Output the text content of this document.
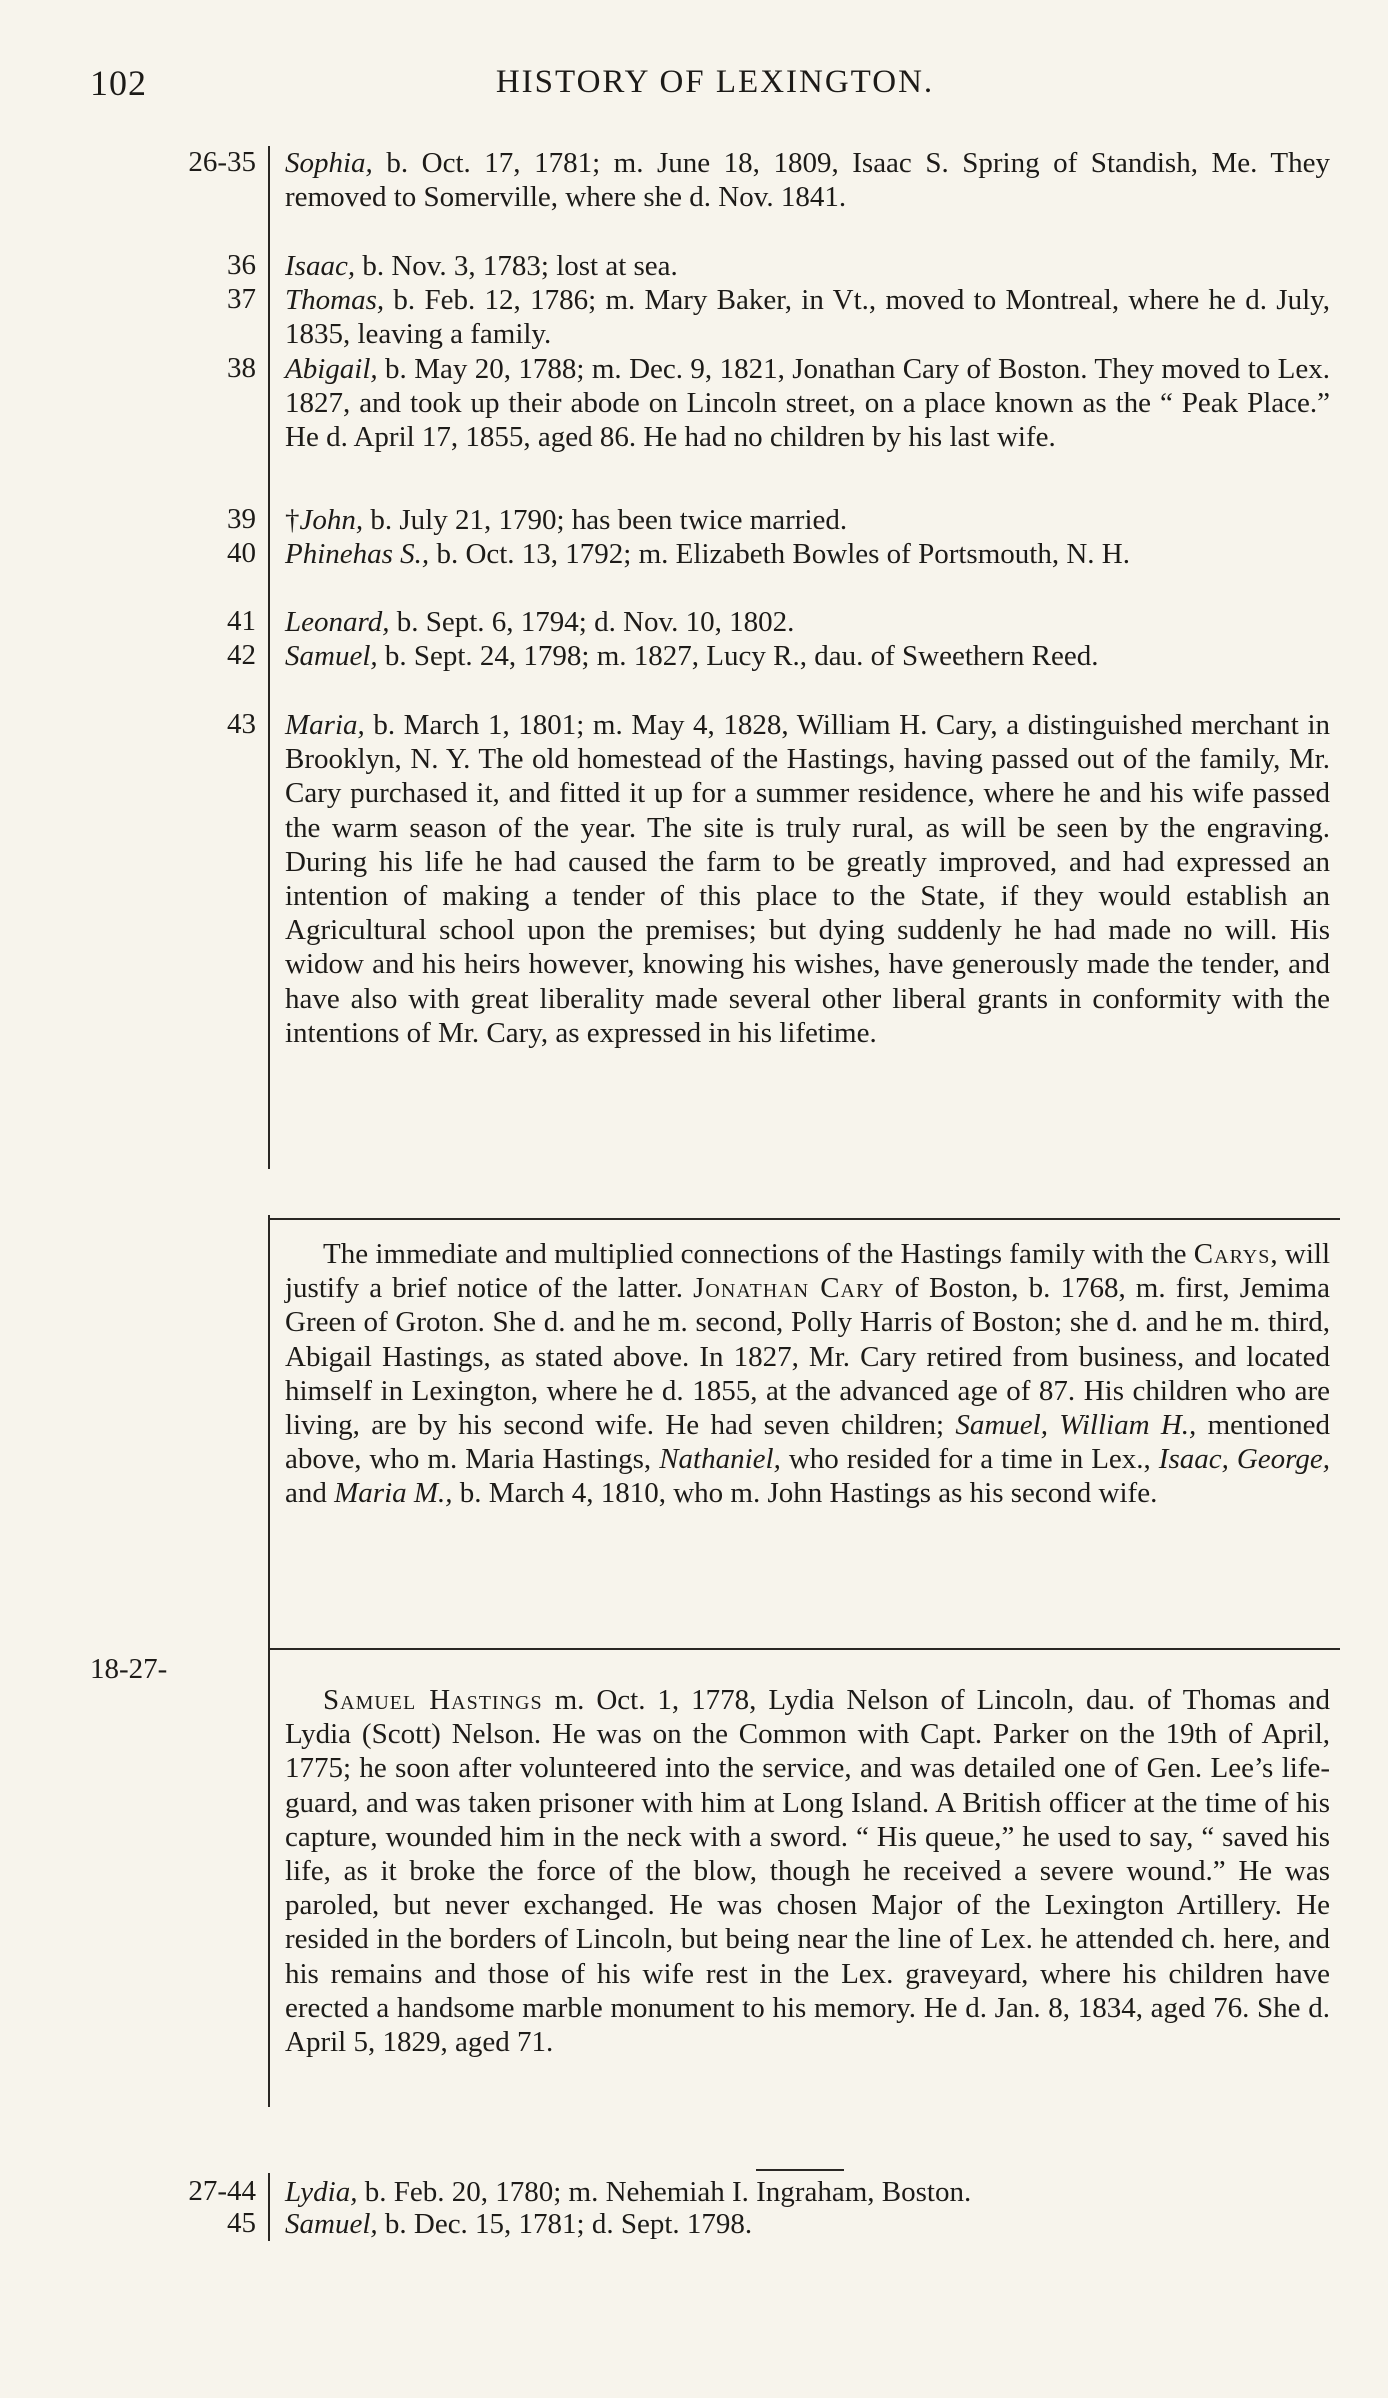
102	HISTORY OF LEXINGTON.
26-35
36
37
38
39
40
41
42
43

Sophia, b. Oct. 17, 1781; m. June 18, 1809, Isaac S. Spring of Standish, Me. They removed to Somerville, where she d. Nov. 1841.

Isaac, b. Nov. 3, 1783; lost at sea.

Thomas, b. Feb. 12, 1786; m. Mary Baker, in Vt., moved to Montreal, where he d. July, 1835, leaving a family.

Abigail, b. May 20, 1788; m. Dec. 9, 1821, Jonathan Cary of Boston. They moved to Lex. 1827, and took up their abode on Lincoln street, on a place known as the “ Peak Place.” He d. April 17, 1855, aged 86. He had no children by his last wife.

†John, b. July 21, 1790; has been twice married.

Phinehas S., b. Oct. 13, 1792; m. Elizabeth Bowles of Portsmouth, N. H.

Leonard, b. Sept. 6, 1794; d. Nov. 10, 1802.

Samuel, b. Sept. 24, 1798; m. 1827, Lucy R., dau. of Sweethern Reed.

Maria, b. March 1, 1801; m. May 4, 1828, William H. Cary, a distinguished merchant in Brooklyn, N. Y. The old homestead of the Hastings, having passed out of the family, Mr. Cary purchased it, and fitted it up for a summer residence, where he and his wife passed the warm season of the year. The site is truly rural, as will be seen by the engraving. During his life he had caused the farm to be greatly improved, and had expressed an intention of making a tender of this place to the State, if they would establish an Agricultural school upon the premises; but dying suddenly he had made no will. His widow and his heirs however, knowing his wishes, have generously made the tender, and have also with great liberality made several other liberal grants in conformity with the intentions of Mr. Cary, as expressed in his lifetime.

The immediate and multiplied connections of the Hastings family with the Carys, will justify a brief notice of the latter. Jonathan Cary of Boston, b. 1768, m. first, Jemima Green of Groton. She d. and he m. second, Polly Harris of Boston; she d. and he m. third, Abigail Hastings, as stated above. In 1827, Mr. Cary retired from business, and located himself in Lexington, where he d. 1855, at the advanced age of 87. His children who are living, are by his second wife. He had seven children; Samuel, William H., mentioned above, who m. Maria Hastings, Nathaniel, who resided for a time in Lex., Isaac, George, and Maria M., b. March 4, 1810, who m. John Hastings as his second wife.

18-27-

Samuel Hastings m. Oct. 1, 1778, Lydia Nelson of Lincoln, dau. of Thomas and Lydia (Scott) Nelson. He was on the Common with Capt. Parker on the 19th of April, 1775; he soon after volunteered into the service, and was detailed one of Gen. Lee’s life-guard, and was taken prisoner with him at Long Island. A British officer at the time of his capture, wounded him in the neck with a sword. “ His queue,” he used to say, “ saved his life, as it broke the force of the blow, though he received a severe wound.” He was paroled, but never exchanged. He was chosen Major of the Lexington Artillery. He resided in the borders of Lincoln, but being near the line of Lex. he attended ch. here, and his remains and those of his wife rest in the Lex. graveyard, where his children have erected a handsome marble monument to his memory. He d. Jan. 8, 1834, aged 76. She d. April 5, 1829, aged 71.

27-44
45

Lydia, b. Feb. 20, 1780; m. Nehemiah I. Ingraham, Boston.

Samuel, b. Dec. 15, 1781; d. Sept. 1798.
